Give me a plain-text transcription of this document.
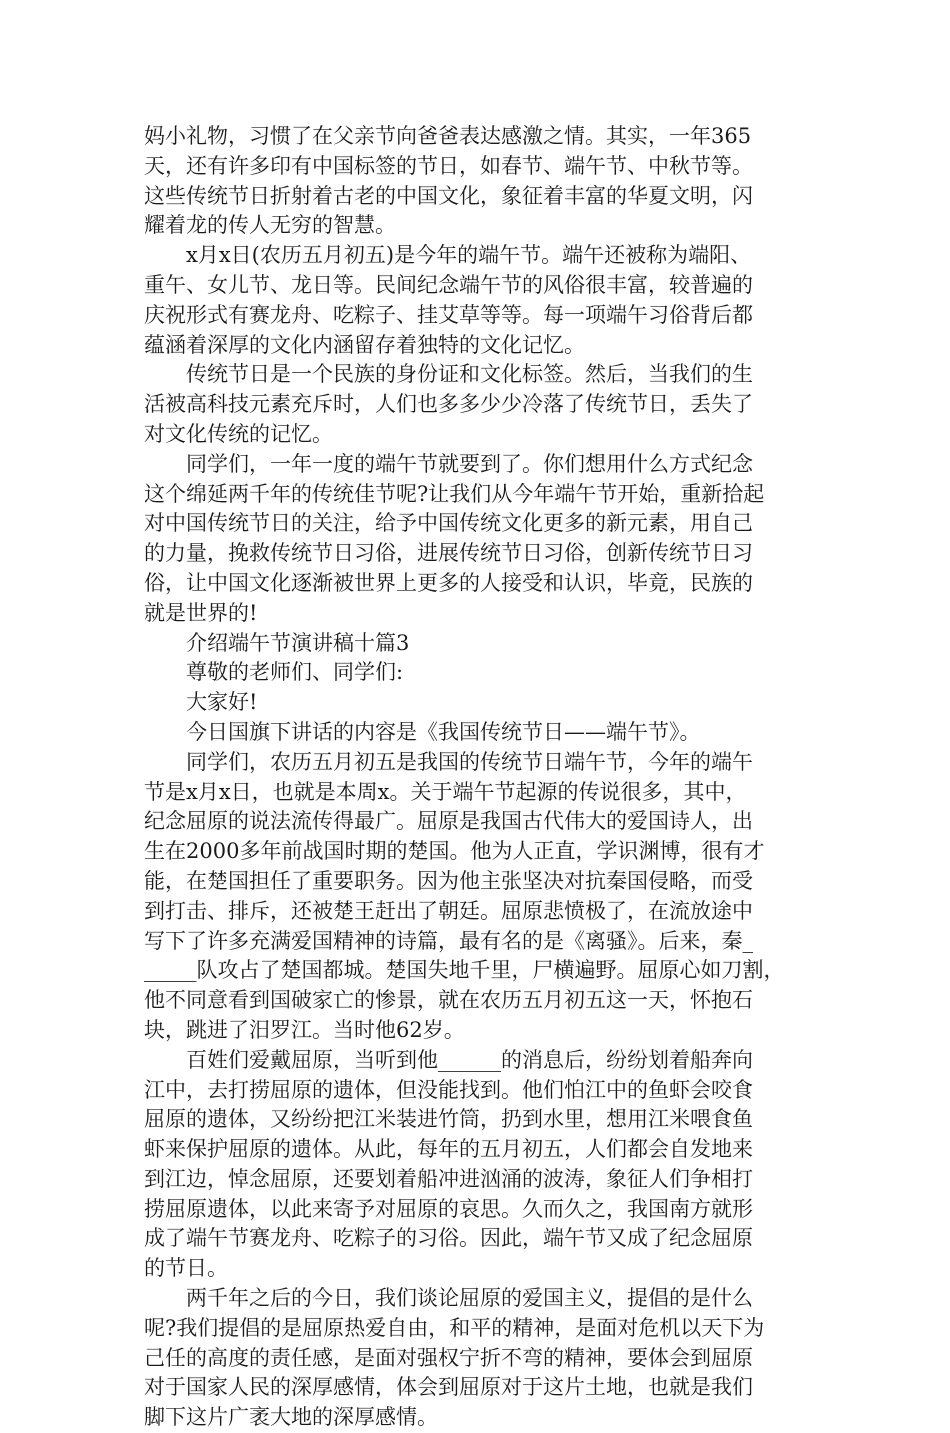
妈小礼物，习惯了在父亲节向爸爸表达感激之情。其实，一年365
天，还有许多印有中国标签的节日，如春节、端午节、中秋节等。
这些传统节日折射着古老的中国文化，象征着丰富的华夏文明，闪
耀着龙的传人无穷的智慧。

　　x月x日(农历五月初五)是今年的端午节。端午还被称为端阳、
重午、女儿节、龙日等。民间纪念端午节的风俗很丰富，较普遍的
庆祝形式有赛龙舟、吃粽子、挂艾草等等。每一项端午习俗背后都
蕴涵着深厚的文化内涵留存着独特的文化记忆。

　　传统节日是一个民族的身份证和文化标签。然后，当我们的生
活被高科技元素充斥时，人们也多多少少冷落了传统节日，丢失了
对文化传统的记忆。

　　同学们，一年一度的端午节就要到了。你们想用什么方式纪念
这个绵延两千年的传统佳节呢?让我们从今年端午节开始，重新拾起
对中国传统节日的关注，给予中国传统文化更多的新元素，用自己
的力量，挽救传统节日习俗，进展传统节日习俗，创新传统节日习
俗，让中国文化逐渐被世界上更多的人接受和认识，毕竟，民族的
就是世界的!

　　介绍端午节演讲稿十篇3

　　尊敬的老师们、同学们:

　　大家好!

　　今日国旗下讲话的内容是《我国传统节日——端午节》。

　　同学们，农历五月初五是我国的传统节日端午节，今年的端午
节是x月x日，也就是本周x。关于端午节起源的传说很多，其中，
纪念屈原的说法流传得最广。屈原是我国古代伟大的爱国诗人，出
生在2000多年前战国时期的楚国。他为人正直，学识渊博，很有才
能，在楚国担任了重要职务。因为他主张坚决对抗秦国侵略，而受
到打击、排斥，还被楚王赶出了朝廷。屈原悲愤极了，在流放途中
写下了许多充满爱国精神的诗篇，最有名的是《离骚》。后来，秦_
_____队攻占了楚国都城。楚国失地千里，尸横遍野。屈原心如刀割，
他不同意看到国破家亡的惨景，就在农历五月初五这一天，怀抱石
块，跳进了汨罗江。当时他62岁。

　　百姓们爱戴屈原，当听到他______的消息后，纷纷划着船奔向
江中，去打捞屈原的遗体，但没能找到。他们怕江中的鱼虾会咬食
屈原的遗体，又纷纷把江米装进竹筒，扔到水里，想用江米喂食鱼
虾来保护屈原的遗体。从此，每年的五月初五，人们都会自发地来
到江边，悼念屈原，还要划着船冲进汹涌的波涛，象征人们争相打
捞屈原遗体，以此来寄予对屈原的哀思。久而久之，我国南方就形
成了端午节赛龙舟、吃粽子的习俗。因此，端午节又成了纪念屈原
的节日。

　　两千年之后的今日，我们谈论屈原的爱国主义，提倡的是什么
呢?我们提倡的是屈原热爱自由，和平的精神，是面对危机以天下为
己任的高度的责任感，是面对强权宁折不弯的精神，要体会到屈原
对于国家人民的深厚感情，体会到屈原对于这片土地，也就是我们
脚下这片广袤大地的深厚感情。
